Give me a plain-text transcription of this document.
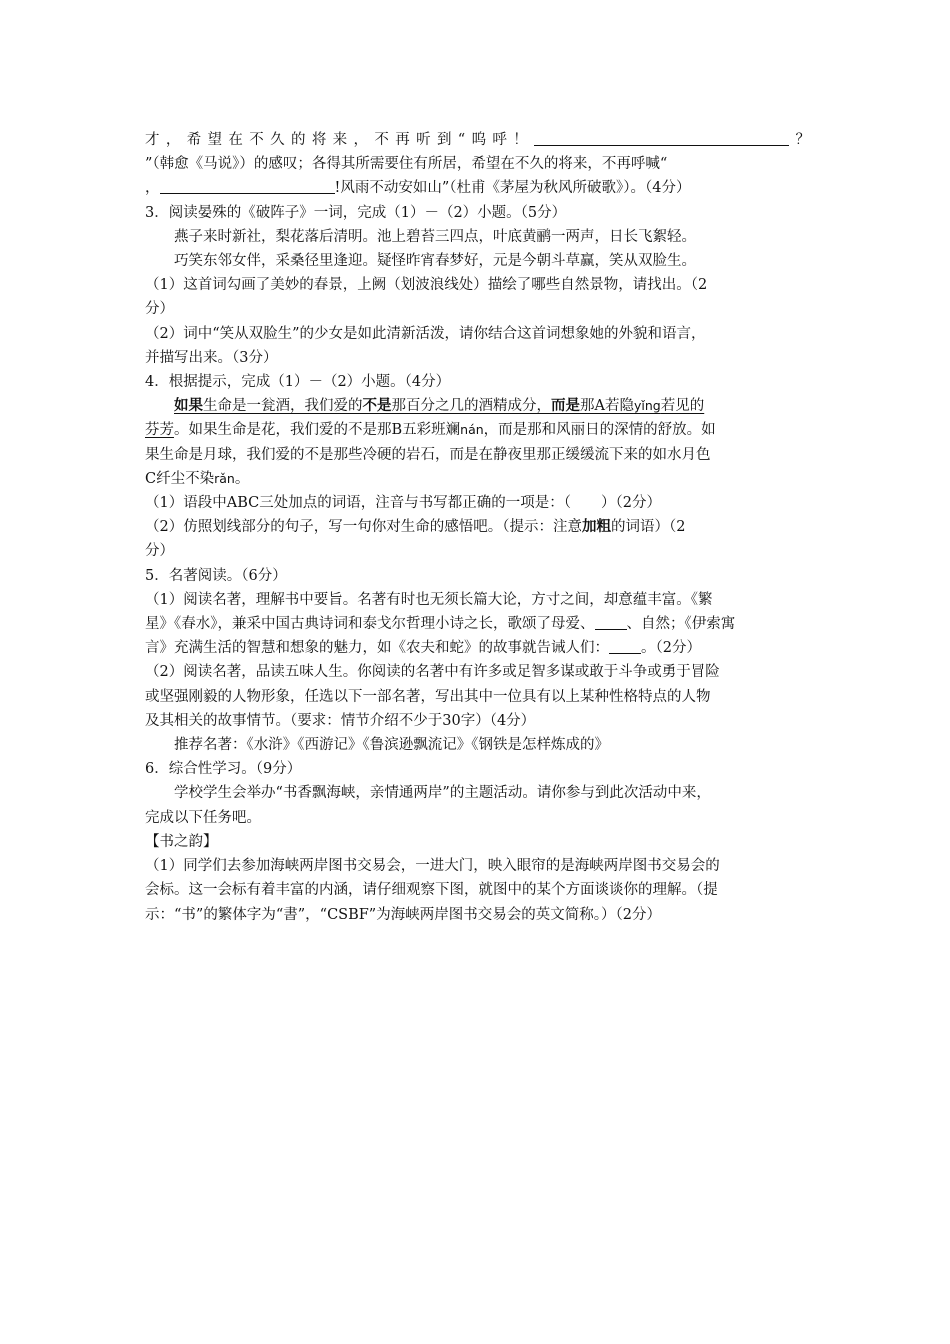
才，希望在不久的将来，不再听到“呜呼！	？
”（韩愈《马说》）的感叹；各得其所需要住有所居，希望在不久的将来，不再呼喊“
，	!风雨不动安如山”（杜甫《茅屋为秋风所破歌》）。（4分）
3．阅读晏殊的《破阵子》一词，完成（1）－（2）小题。（5分）
燕子来时新社，梨花落后清明。池上碧苔三四点，叶底黄鹂一两声，日长飞絮轻。
巧笑东邻女伴，采桑径里逢迎。疑怪昨宵春梦好，元是今朝斗草赢，笑从双脸生。
（1）这首词勾画了美妙的春景，上阙（划波浪线处）描绘了哪些自然景物，请找出。（2
分）
（2）词中“笑从双脸生”的少女是如此清新活泼，请你结合这首词想象她的外貌和语言，
并描写出来。（3分）
4．根据提示，完成（1）－（2）小题。（4分）
如果生命是一瓮酒，我们爱的不是那百分之几的酒精成分，而是那A若隐yǐng若见的
芬芳。如果生命是花，我们爱的不是那B五彩班斓nán，而是那和风丽日的深情的舒放。如
果生命是月球，我们爱的不是那些冷硬的岩石，而是在静夜里那正缓缓流下来的如水月色
C纤尘不染rǎn。
（1）语段中ABC三处加点的词语，注音与书写都正确的一项是：（ ）（2分）
（2）仿照划线部分的句子，写一句你对生命的感悟吧。（提示：注意加粗的词语）（2
分）
5．名著阅读。（6分）
（1）阅读名著，理解书中要旨。名著有时也无须长篇大论，方寸之间，却意蕴丰富。《繁
星》《春水》，兼采中国古典诗词和泰戈尔哲理小诗之长，歌颂了母爱、 、自然；《伊索寓
言》充满生活的智慧和想象的魅力，如《农夫和蛇》的故事就告诫人们： 。（2分）
（2）阅读名著，品读五味人生。你阅读的名著中有许多或足智多谋或敢于斗争或勇于冒险
或坚强刚毅的人物形象，任选以下一部名著，写出其中一位具有以上某种性格特点的人物
及其相关的故事情节。（要求：情节介绍不少于30字）（4分）
推荐名著：《水浒》《西游记》《鲁滨逊飘流记》《钢铁是怎样炼成的》
6．综合性学习。（9分）
学校学生会举办“书香飘海峡，亲情通两岸”的主题活动。请你参与到此次活动中来，
完成以下任务吧。
【书之韵】
（1）同学们去参加海峡两岸图书交易会，一进大门，映入眼帘的是海峡两岸图书交易会的
会标。这一会标有着丰富的内涵，请仔细观察下图，就图中的某个方面谈谈你的理解。（提
示：“书”的繁体字为“書”，“CSBF”为海峡两岸图书交易会的英文简称。）（2分）
